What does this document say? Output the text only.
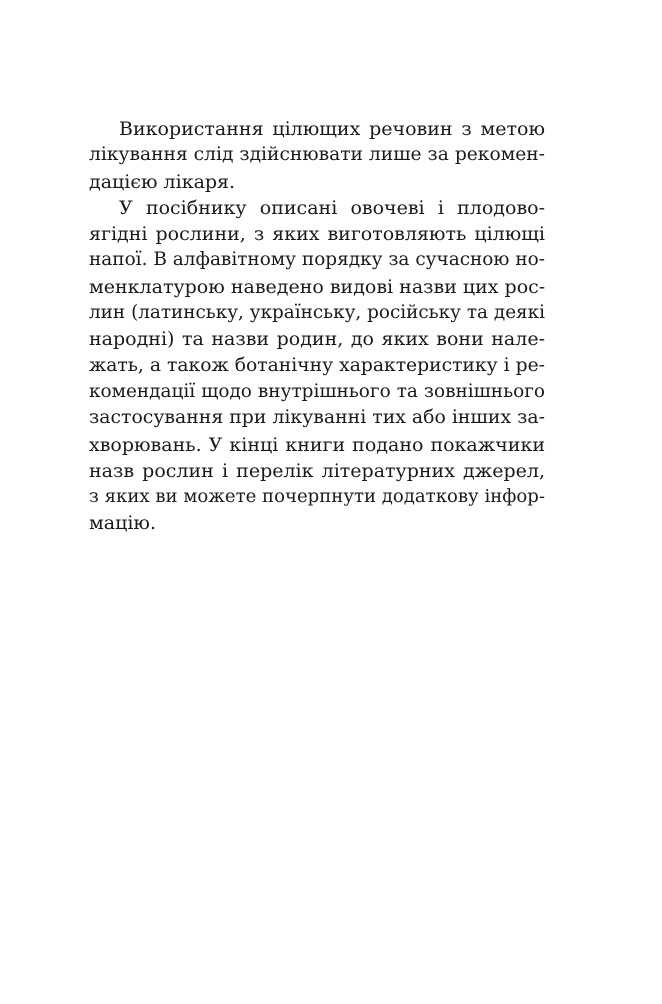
Використання цілющих речовин з метою
лікування слід здійснювати лише за рекомен-
дацією лікаря.
У посібнику описані овочеві і плодово-
ягідні рослини, з яких виготовляють цілющі
напої. В алфавітному порядку за сучасною но-
менклатурою наведено видові назви цих рос-
лин (латинську, українську, російську та деякі
народні) та назви родин, до яких вони нале-
жать, а також ботанічну характеристику і ре-
комендації щодо внутрішнього та зовнішнього
застосування при лікуванні тих або інших за-
хворювань. У кінці книги подано покажчики
назв рослин і перелік літературних джерел,
з яких ви можете почерпнути додаткову інфор-
мацію.
